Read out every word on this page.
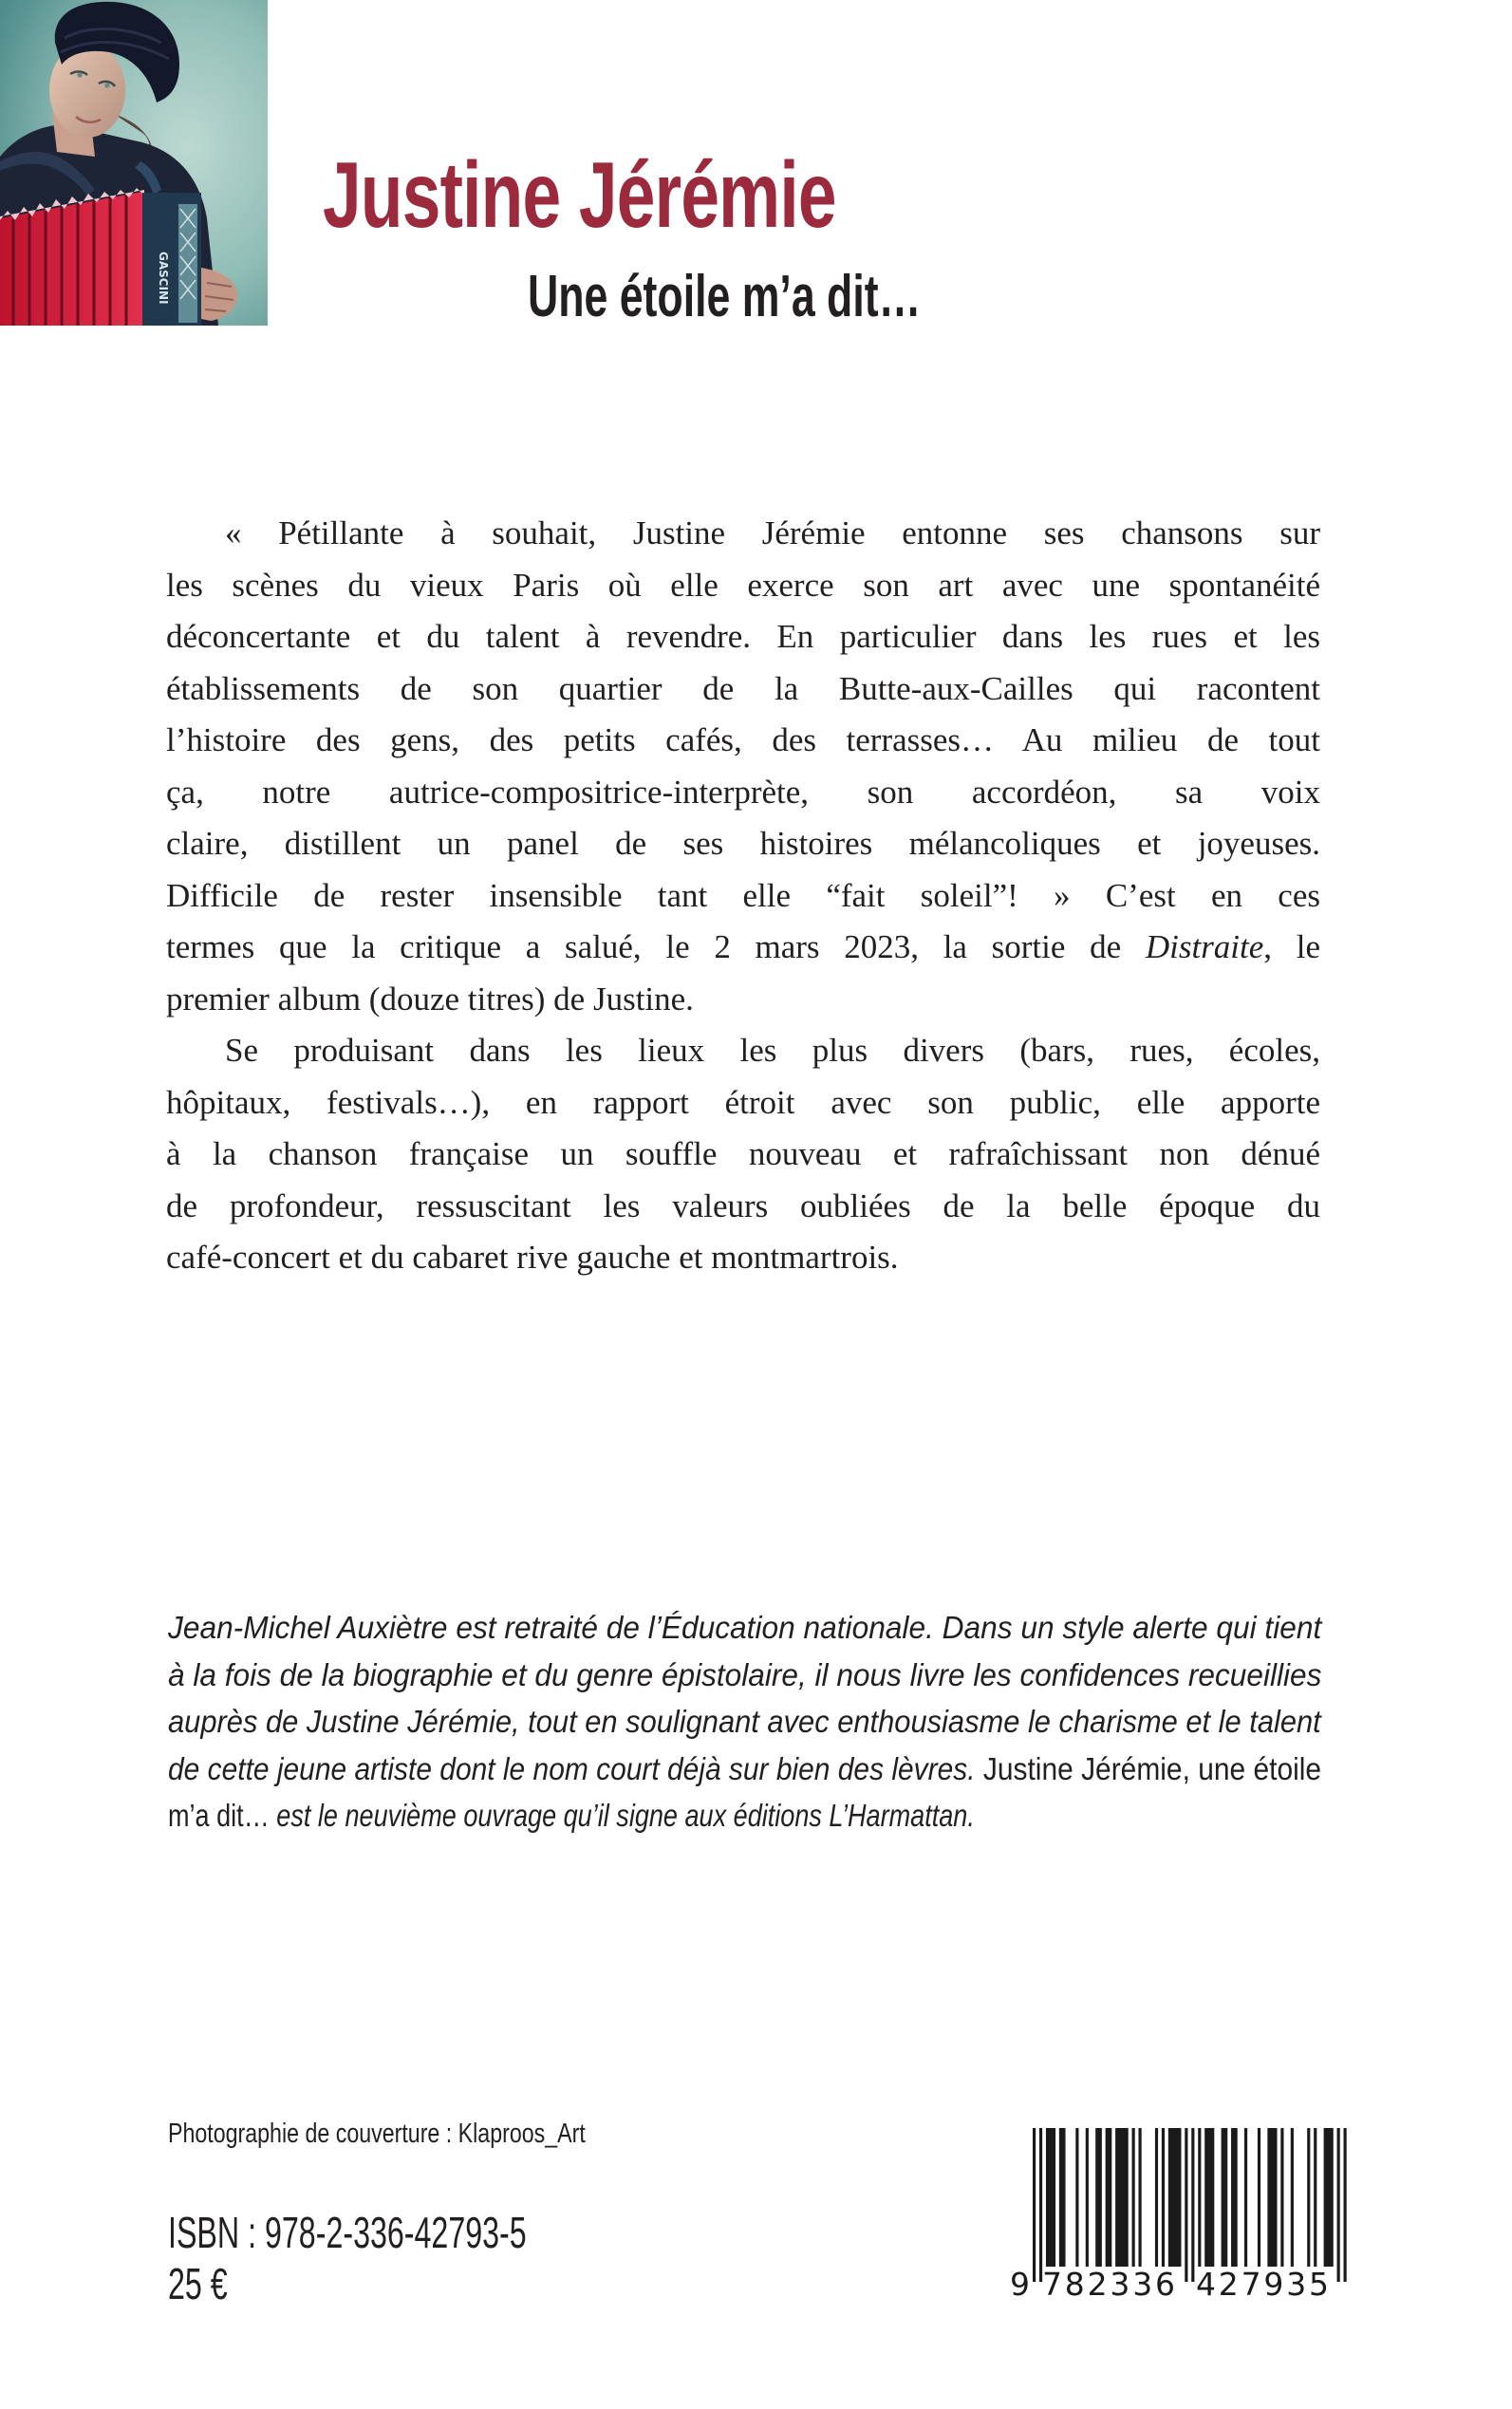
GASCINI
Justine Jérémie
Une étoile m’a dit…
« Pétillante à souhait, Justine Jérémie entonne ses chansons sur
les scènes du vieux Paris où elle exerce son art avec une spontanéité
déconcertante et du talent à revendre. En particulier dans les rues et les
établissements de son quartier de la Butte-aux-Cailles qui racontent
l’histoire des gens, des petits cafés, des terrasses… Au milieu de tout
ça, notre autrice-compositrice-interprète, son accordéon, sa voix
claire, distillent un panel de ses histoires mélancoliques et joyeuses.
Difficile de rester insensible tant elle “fait soleil”! » C’est en ces
termes que la critique a salué, le 2 mars 2023, la sortie de Distraite, le
premier album (douze titres) de Justine.
Se produisant dans les lieux les plus divers (bars, rues, écoles,
hôpitaux, festivals…), en rapport étroit avec son public, elle apporte
à la chanson française un souffle nouveau et rafraîchissant non dénué
de profondeur, ressuscitant les valeurs oubliées de la belle époque du
café-concert et du cabaret rive gauche et montmartrois.
Jean-Michel Auxiètre est retraité de l’Éducation nationale. Dans un style alerte qui tient
à la fois de la biographie et du genre épistolaire, il nous livre les confidences recueillies
auprès de Justine Jérémie, tout en soulignant avec enthousiasme le charisme et le talent
de cette jeune artiste dont le nom court déjà sur bien des lèvres. Justine Jérémie, une étoile
m’a dit… est le neuvième ouvrage qu’il signe aux éditions L’Harmattan.
Photographie de couverture : Klaproos_Art
ISBN : 978-2-336-42793-5
25 €	9 782336 427935
